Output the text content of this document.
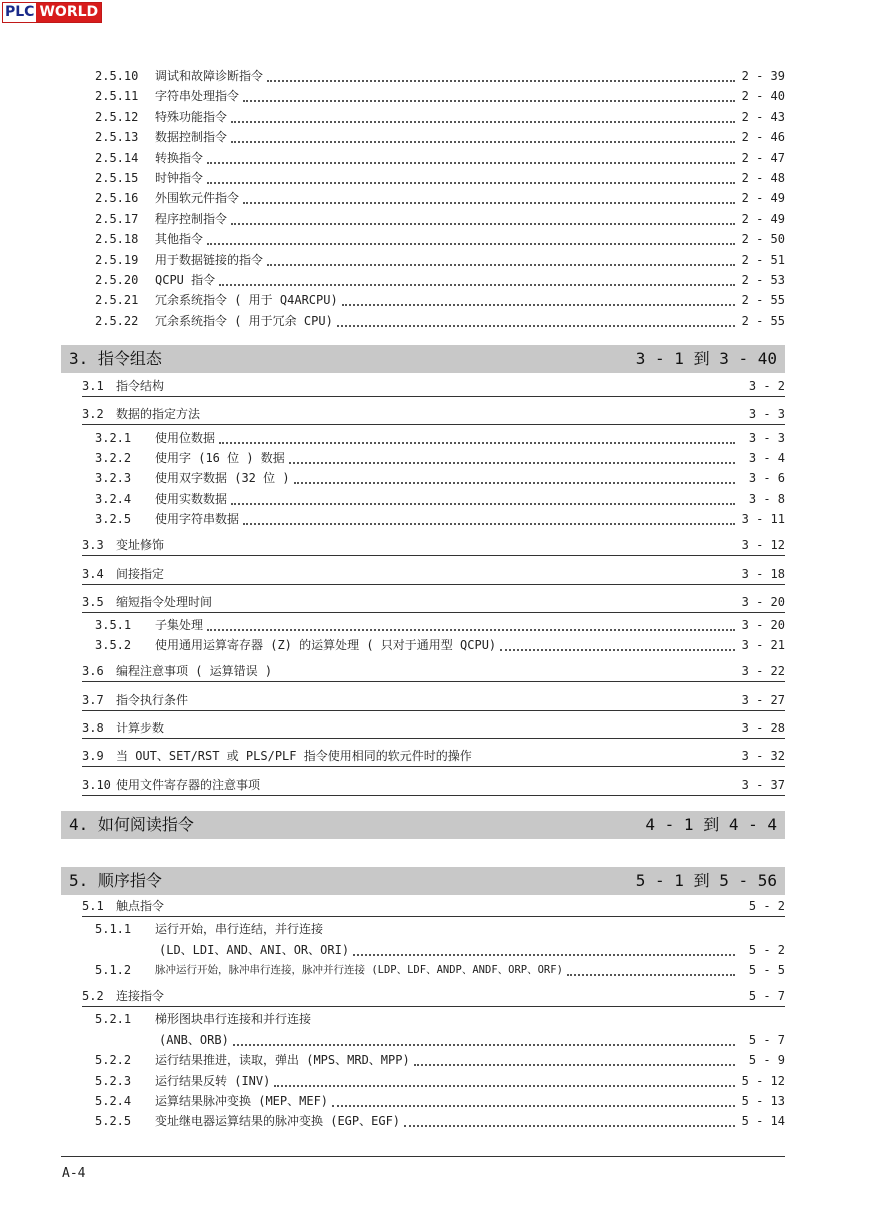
PLC WORLD
2.5.10 调试和故障诊断指令	2 - 39
2.5.11 字符串处理指令	2 - 40
2.5.12 特殊功能指令	2 - 43
2.5.13 数据控制指令	2 - 46
2.5.14 转换指令	2 - 47
2.5.15 时钟指令	2 - 48
2.5.16 外围软元件指令	2 - 49
2.5.17 程序控制指令	2 - 49
2.5.18 其他指令	2 - 50
2.5.19 用于数据链接的指令	2 - 51
2.5.20 QCPU 指令	2 - 53
2.5.21 冗余系统指令 ( 用于 Q4ARCPU)	2 - 55
2.5.22 冗余系统指令 ( 用于冗余 CPU)	2 - 55
3. 指令组态	3 - 1 到 3 - 40
3.1 指令结构	3 - 2
3.2 数据的指定方法	3 - 3
3.2.1 使用位数据	3 - 3
3.2.2 使用字 (16 位 ) 数据	3 - 4
3.2.3 使用双字数据 (32 位 )	3 - 6
3.2.4 使用实数数据	3 - 8
3.2.5 使用字符串数据	3 - 11
3.3 变址修饰	3 - 12
3.4 间接指定	3 - 18
3.5 缩短指令处理时间	3 - 20
3.5.1 子集处理	3 - 20
3.5.2 使用通用运算寄存器 (Z) 的运算处理 ( 只对于通用型 QCPU)	3 - 21
3.6 编程注意事项 ( 运算错误 )	3 - 22
3.7 指令执行条件	3 - 27
3.8 计算步数	3 - 28
3.9 当 OUT、SET/RST 或 PLS/PLF 指令使用相同的软元件时的操作	3 - 32
3.10 使用文件寄存器的注意事项	3 - 37
4. 如何阅读指令	4 - 1 到 4 - 4
5. 顺序指令	5 - 1 到 5 - 56
5.1 触点指令	5 - 2
5.1.1 运行开始，串行连结，并行连接
(LD、LDI、AND、ANI、OR、ORI)	5 - 2
5.1.2 脉冲运行开始，脉冲串行连接，脉冲并行连接 (LDP、LDF、ANDP、ANDF、ORP、ORF)	5 - 5
5.2 连接指令	5 - 7
5.2.1 梯形图块串行连接和并行连接
(ANB、ORB)	5 - 7
5.2.2 运行结果推进，读取，弹出 (MPS、MRD、MPP)	5 - 9
5.2.3 运行结果反转 (INV)	5 - 12
5.2.4 运算结果脉冲变换 (MEP、MEF)	5 - 13
5.2.5 变址继电器运算结果的脉冲变换 (EGP、EGF)	5 - 14
A-4
